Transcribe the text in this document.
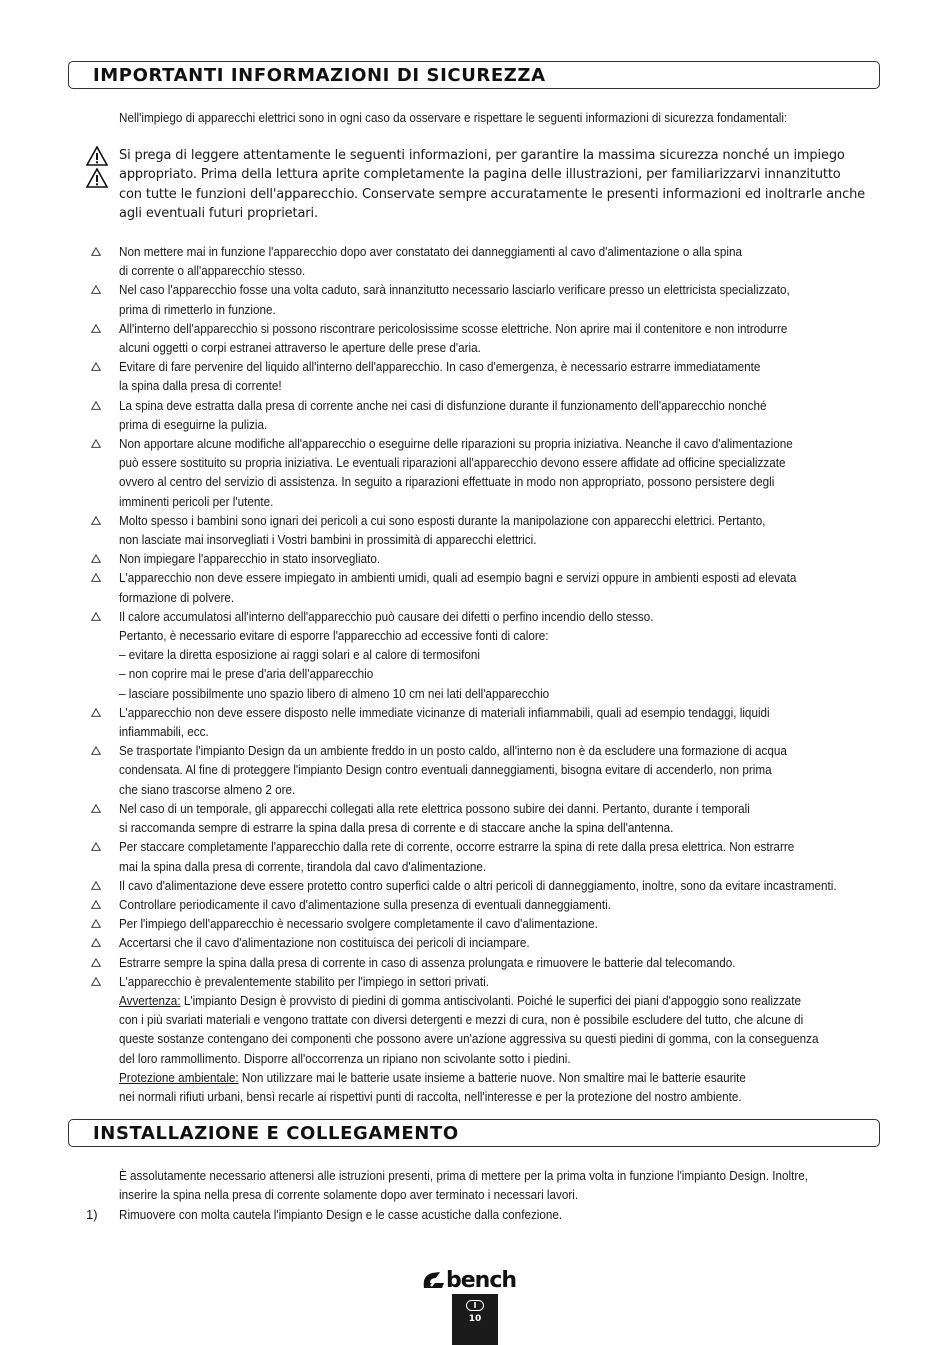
IMPORTANTI INFORMAZIONI DI SICUREZZA
Nell'impiego di apparecchi elettrici sono in ogni caso da osservare e rispettare le seguenti informazioni di sicurezza fondamentali:
Si prega di leggere attentamente le seguenti informazioni, per garantire la massima sicurezza nonché un impiego
appropriato. Prima della lettura aprite completamente la pagina delle illustrazioni, per familiarizzarvi innanzitutto
con tutte le funzioni dell'apparecchio. Conservate sempre accuratamente le presenti informazioni ed inoltrarle anche
agli eventuali futuri proprietari.
Non mettere mai in funzione l'apparecchio dopo aver constatato dei danneggiamenti al cavo d'alimentazione o alla spina
di corrente o all'apparecchio stesso.
Nel caso l'apparecchio fosse una volta caduto, sarà innanzitutto necessario lasciarlo verificare presso un elettricista specializzato,
prima di rimetterlo in funzione.
All'interno dell'apparecchio si possono riscontrare pericolosissime scosse elettriche. Non aprire mai il contenitore e non introdurre
alcuni oggetti o corpi estranei attraverso le aperture delle prese d'aria.
Evitare di fare pervenire del liquido all'interno dell'apparecchio. In caso d'emergenza, è necessario estrarre immediatamente
la spina dalla presa di corrente!
La spina deve estratta dalla presa di corrente anche nei casi di disfunzione durante il funzionamento dell'apparecchio nonché
prima di eseguirne la pulizia.
Non apportare alcune modifiche all'apparecchio o eseguirne delle riparazioni su propria iniziativa. Neanche il cavo d'alimentazione
può essere sostituito su propria iniziativa. Le eventuali riparazioni all'apparecchio devono essere affidate ad officine specializzate
ovvero al centro del servizio di assistenza. In seguito a riparazioni effettuate in modo non appropriato, possono persistere degli
imminenti pericoli per l'utente.
Molto spesso i bambini sono ignari dei pericoli a cui sono esposti durante la manipolazione con apparecchi elettrici. Pertanto,
non lasciate mai insorvegliati i Vostri bambini in prossimità di apparecchi elettrici.
Non impiegare l'apparecchio in stato insorvegliato.
L'apparecchio non deve essere impiegato in ambienti umidi, quali ad esempio bagni e servizi oppure in ambienti esposti ad elevata
formazione di polvere.
Il calore accumulatosi all'interno dell'apparecchio può causare dei difetti o perfino incendio dello stesso.
Pertanto, è necessario evitare di esporre l'apparecchio ad eccessive fonti di calore:
– evitare la diretta esposizione ai raggi solari e al calore di termosifoni
– non coprire mai le prese d'aria dell'apparecchio
– lasciare possibilmente uno spazio libero di almeno 10 cm nei lati dell'apparecchio
L'apparecchio non deve essere disposto nelle immediate vicinanze di materiali infiammabili, quali ad esempio tendaggi, liquidi
infiammabili, ecc.
Se trasportate l'impianto Design da un ambiente freddo in un posto caldo, all'interno non è da escludere una formazione di acqua
condensata. Al fine di proteggere l'impianto Design contro eventuali danneggiamenti, bisogna evitare di accenderlo, non prima
che siano trascorse almeno 2 ore.
Nel caso di un temporale, gli apparecchi collegati alla rete elettrica possono subire dei danni. Pertanto, durante i temporali
si raccomanda sempre di estrarre la spina dalla presa di corrente e di staccare anche la spina dell'antenna.
Per staccare completamente l'apparecchio dalla rete di corrente, occorre estrarre la spina di rete dalla presa elettrica. Non estrarre
mai la spina dalla presa di corrente, tirandola dal cavo d'alimentazione.
Il cavo d'alimentazione deve essere protetto contro superfici calde o altri pericoli di danneggiamento, inoltre, sono da evitare incastramenti.
Controllare periodicamente il cavo d'alimentazione sulla presenza di eventuali danneggiamenti.
Per l'impiego dell'apparecchio è necessario svolgere completamente il cavo d'alimentazione.
Accertarsi che il cavo d'alimentazione non costituisca dei pericoli di inciampare.
Estrarre sempre la spina dalla presa di corrente in caso di assenza prolungata e rimuovere le batterie dal telecomando.
L'apparecchio è prevalentemente stabilito per l'impiego in settori privati.
Avvertenza: L'impianto Design è provvisto di piedini di gomma antiscivolanti. Poiché le superfici dei piani d'appoggio sono realizzate
con i più svariati materiali e vengono trattate con diversi detergenti e mezzi di cura, non è possibile escludere del tutto, che alcune di
queste sostanze contengano dei componenti che possono avere un'azione aggressiva su questi piedini di gomma, con la conseguenza
del loro rammollimento. Disporre all'occorrenza un ripiano non scivolante sotto i piedini.
Protezione ambientale: Non utilizzare mai le batterie usate insieme a batterie nuove. Non smaltire mai le batterie esaurite
nei normali rifiuti urbani, bensì recarle ai rispettivi punti di raccolta, nell'interesse e per la protezione del nostro ambiente.
INSTALLAZIONE E COLLEGAMENTO
È assolutamente necessario attenersi alle istruzioni presenti, prima di mettere per la prima volta in funzione l'impianto Design. Inoltre,
inserire la spina nella presa di corrente solamente dopo aver terminato i necessari lavori.
1) Rimuovere con molta cautela l'impianto Design e le casse acustiche dalla confezione.
bench
I
10
